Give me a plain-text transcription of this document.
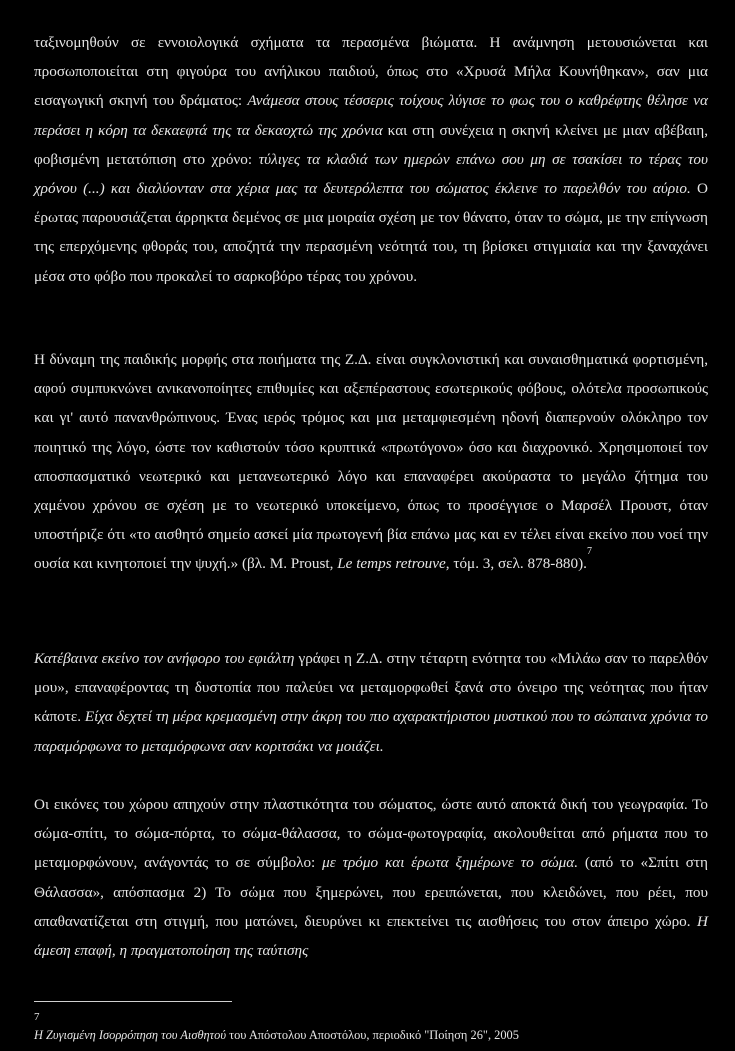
ταξινομηθούν σε εννοιολογικά σχήματα τα περασμένα βιώματα. Η ανάμνηση μετουσιώνεται και προσωποποιείται στη φιγούρα του ανήλικου παιδιού, όπως στο «Χρυσά Μήλα Κουνήθηκαν», σαν μια εισαγωγική σκηνή του δράματος: Ανάμεσα στους τέσσερις τοίχους λύγισε το φως του ο καθρέφτης θέλησε να περάσει η κόρη τα δεκαεφτά της τα δεκαοχτώ της χρόνια και στη συνέχεια η σκηνή κλείνει με μιαν αβέβαιη, φοβισμένη μετατόπιση στο χρόνο: τύλιγες τα κλαδιά των ημερών επάνω σου μη σε τσακίσει το τέρας του χρόνου (...) και διαλύονταν στα χέρια μας τα δευτερόλεπτα του σώματος έκλεινε το παρελθόν του αύριο. Ο έρωτας παρουσιάζεται άρρηκτα δεμένος σε μια μοιραία σχέση με τον θάνατο, όταν το σώμα, με την επίγνωση της επερχόμενης φθοράς του, αποζητά την περασμένη νεότητά του, τη βρίσκει στιγμιαία και την ξαναχάνει μέσα στο φόβο που προκαλεί το σαρκοβόρο τέρας του χρόνου.

Η δύναμη της παιδικής μορφής στα ποιήματα της Ζ.Δ. είναι συγκλονιστική και συναισθηματικά φορτισμένη, αφού συμπυκνώνει ανικανοποίητες επιθυμίες και αξεπέραστους εσωτερικούς φόβους, ολότελα προσωπικούς και γι' αυτό πανανθρώπινους. Ένας ιερός τρόμος και μια μεταμφιεσμένη ηδονή διαπερνούν ολόκληρο τον ποιητικό της λόγο, ώστε τον καθιστούν τόσο κρυπτικά «πρωτόγονο» όσο και διαχρονικό. Χρησιμοποιεί τον αποσπασματικό νεωτερικό και μετανεωτερικό λόγο και επαναφέρει ακούραστα το μεγάλο ζήτημα του χαμένου χρόνου σε σχέση με το νεωτερικό υποκείμενο, όπως το προσέγγισε ο Μαρσέλ Προυστ, όταν υποστήριζε ότι «το αισθητό σημείο ασκεί μία πρωτογενή βία επάνω μας και εν τέλει είναι εκείνο που νοεί την ουσία και κινητοποιεί την ψυχή.» (βλ. M. Proust, Le temps retrouve, τόμ. 3, σελ. 878-880).$^7$

Κατέβαινα εκείνο τον ανήφορο του εφιάλτη γράφει η Ζ.Δ. στην τέταρτη ενότητα του «Μιλάω σαν το παρελθόν μου», επαναφέροντας τη δυστοπία που παλεύει να μεταμορφωθεί ξανά στο όνειρο της νεότητας που ήταν κάποτε. Είχα δεχτεί τη μέρα κρεμασμένη στην άκρη του πιο αχαρακτήριστου μυστικού που το σώπαινα χρόνια το παραμόρφωνα το μεταμόρφωνα σαν κοριτσάκι να μοιάζει.

Οι εικόνες του χώρου απηχούν στην πλαστικότητα του σώματος, ώστε αυτό αποκτά δική του γεωγραφία. Το σώμα-σπίτι, το σώμα-πόρτα, το σώμα-θάλασσα, το σώμα-φωτογραφία, ακολουθείται από ρήματα που το μεταμορφώνουν, ανάγοντάς το σε σύμβολο: με τρόμο και έρωτα ξημέρωνε το σώμα. (από το «Σπίτι στη Θάλασσα», απόσπασμα 2) Το σώμα που ξημερώνει, που ερειπώνεται, που κλειδώνει, που ρέει, που απαθανατίζεται στη στιγμή, που ματώνει, διευρύνει κι επεκτείνει τις αισθήσεις του στον άπειρο χώρο. Η άμεση επαφή, η πραγματοποίηση της ταύτισης

7
Η Ζυγισμένη Ισορρόπηση του Αισθητού του Απόστολου Αποστόλου, περιοδικό "Ποίηση 26", 2005
